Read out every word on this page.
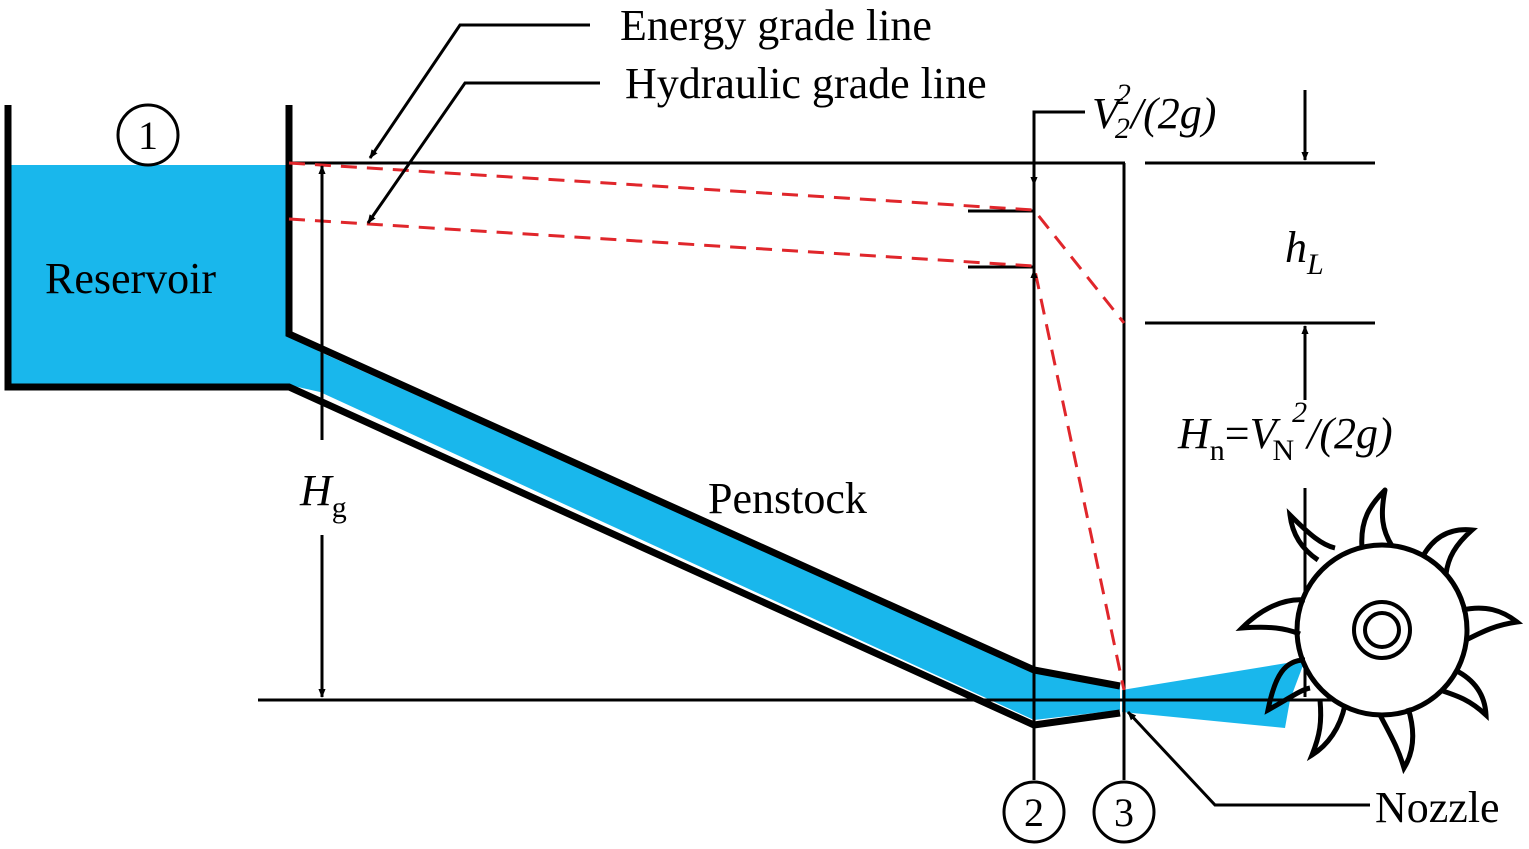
1
2 3
Energy grade line
Hydraulic grade line
Reservoir
Penstock
Nozzle
V22/(2g)
$h_L$
$H_g$
$H_n=VN2/(2g)$
